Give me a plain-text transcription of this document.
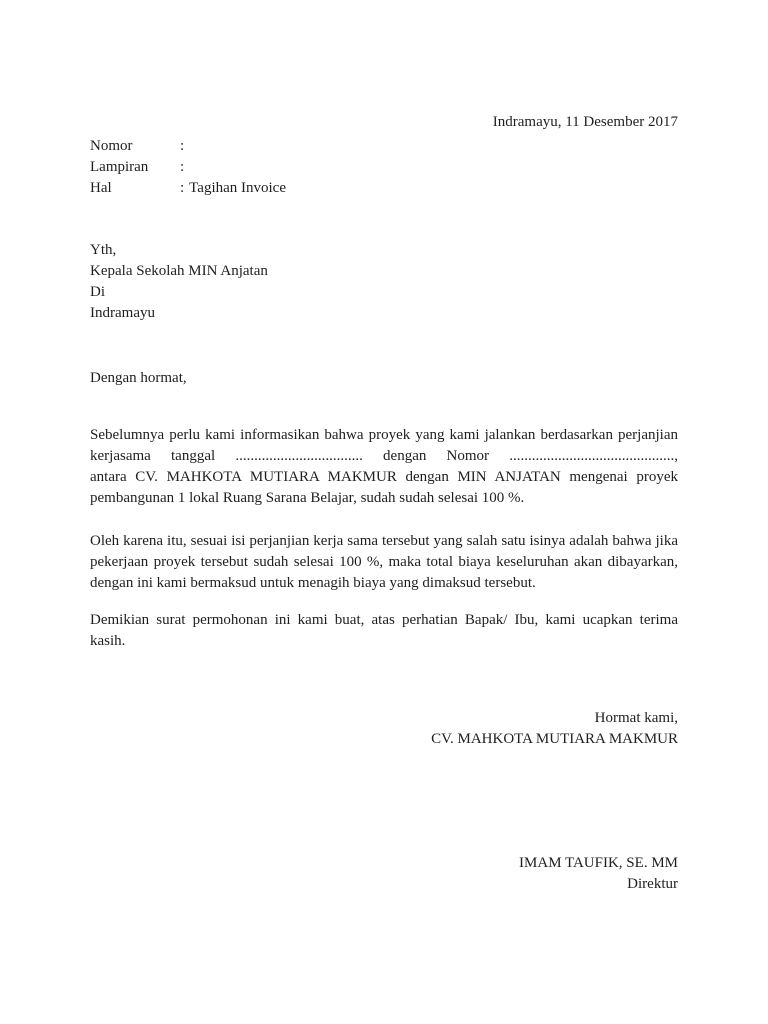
Indramayu, 11 Desember 2017
Nomor	:
Lampiran	:
Hal	: Tagihan Invoice
Yth,
Kepala Sekolah MIN Anjatan
Di
Indramayu
Dengan hormat,
Sebelumnya perlu kami informasikan bahwa proyek yang kami jalankan berdasarkan perjanjian
kerjasama tanggal .................................. dengan Nomor ............................................,
antara CV. MAHKOTA MUTIARA MAKMUR dengan MIN ANJATAN mengenai proyek
pembangunan 1 lokal Ruang Sarana Belajar, sudah sudah selesai 100 %.
Oleh karena itu, sesuai isi perjanjian kerja sama tersebut yang salah satu isinya adalah bahwa jika
pekerjaan proyek tersebut sudah selesai 100 %, maka total biaya keseluruhan akan dibayarkan,
dengan ini kami bermaksud untuk menagih biaya yang dimaksud tersebut.
Demikian surat permohonan ini kami buat, atas perhatian Bapak/ Ibu, kami ucapkan terima
kasih.
Hormat kami,
CV. MAHKOTA MUTIARA MAKMUR
IMAM TAUFIK, SE. MM
Direktur
